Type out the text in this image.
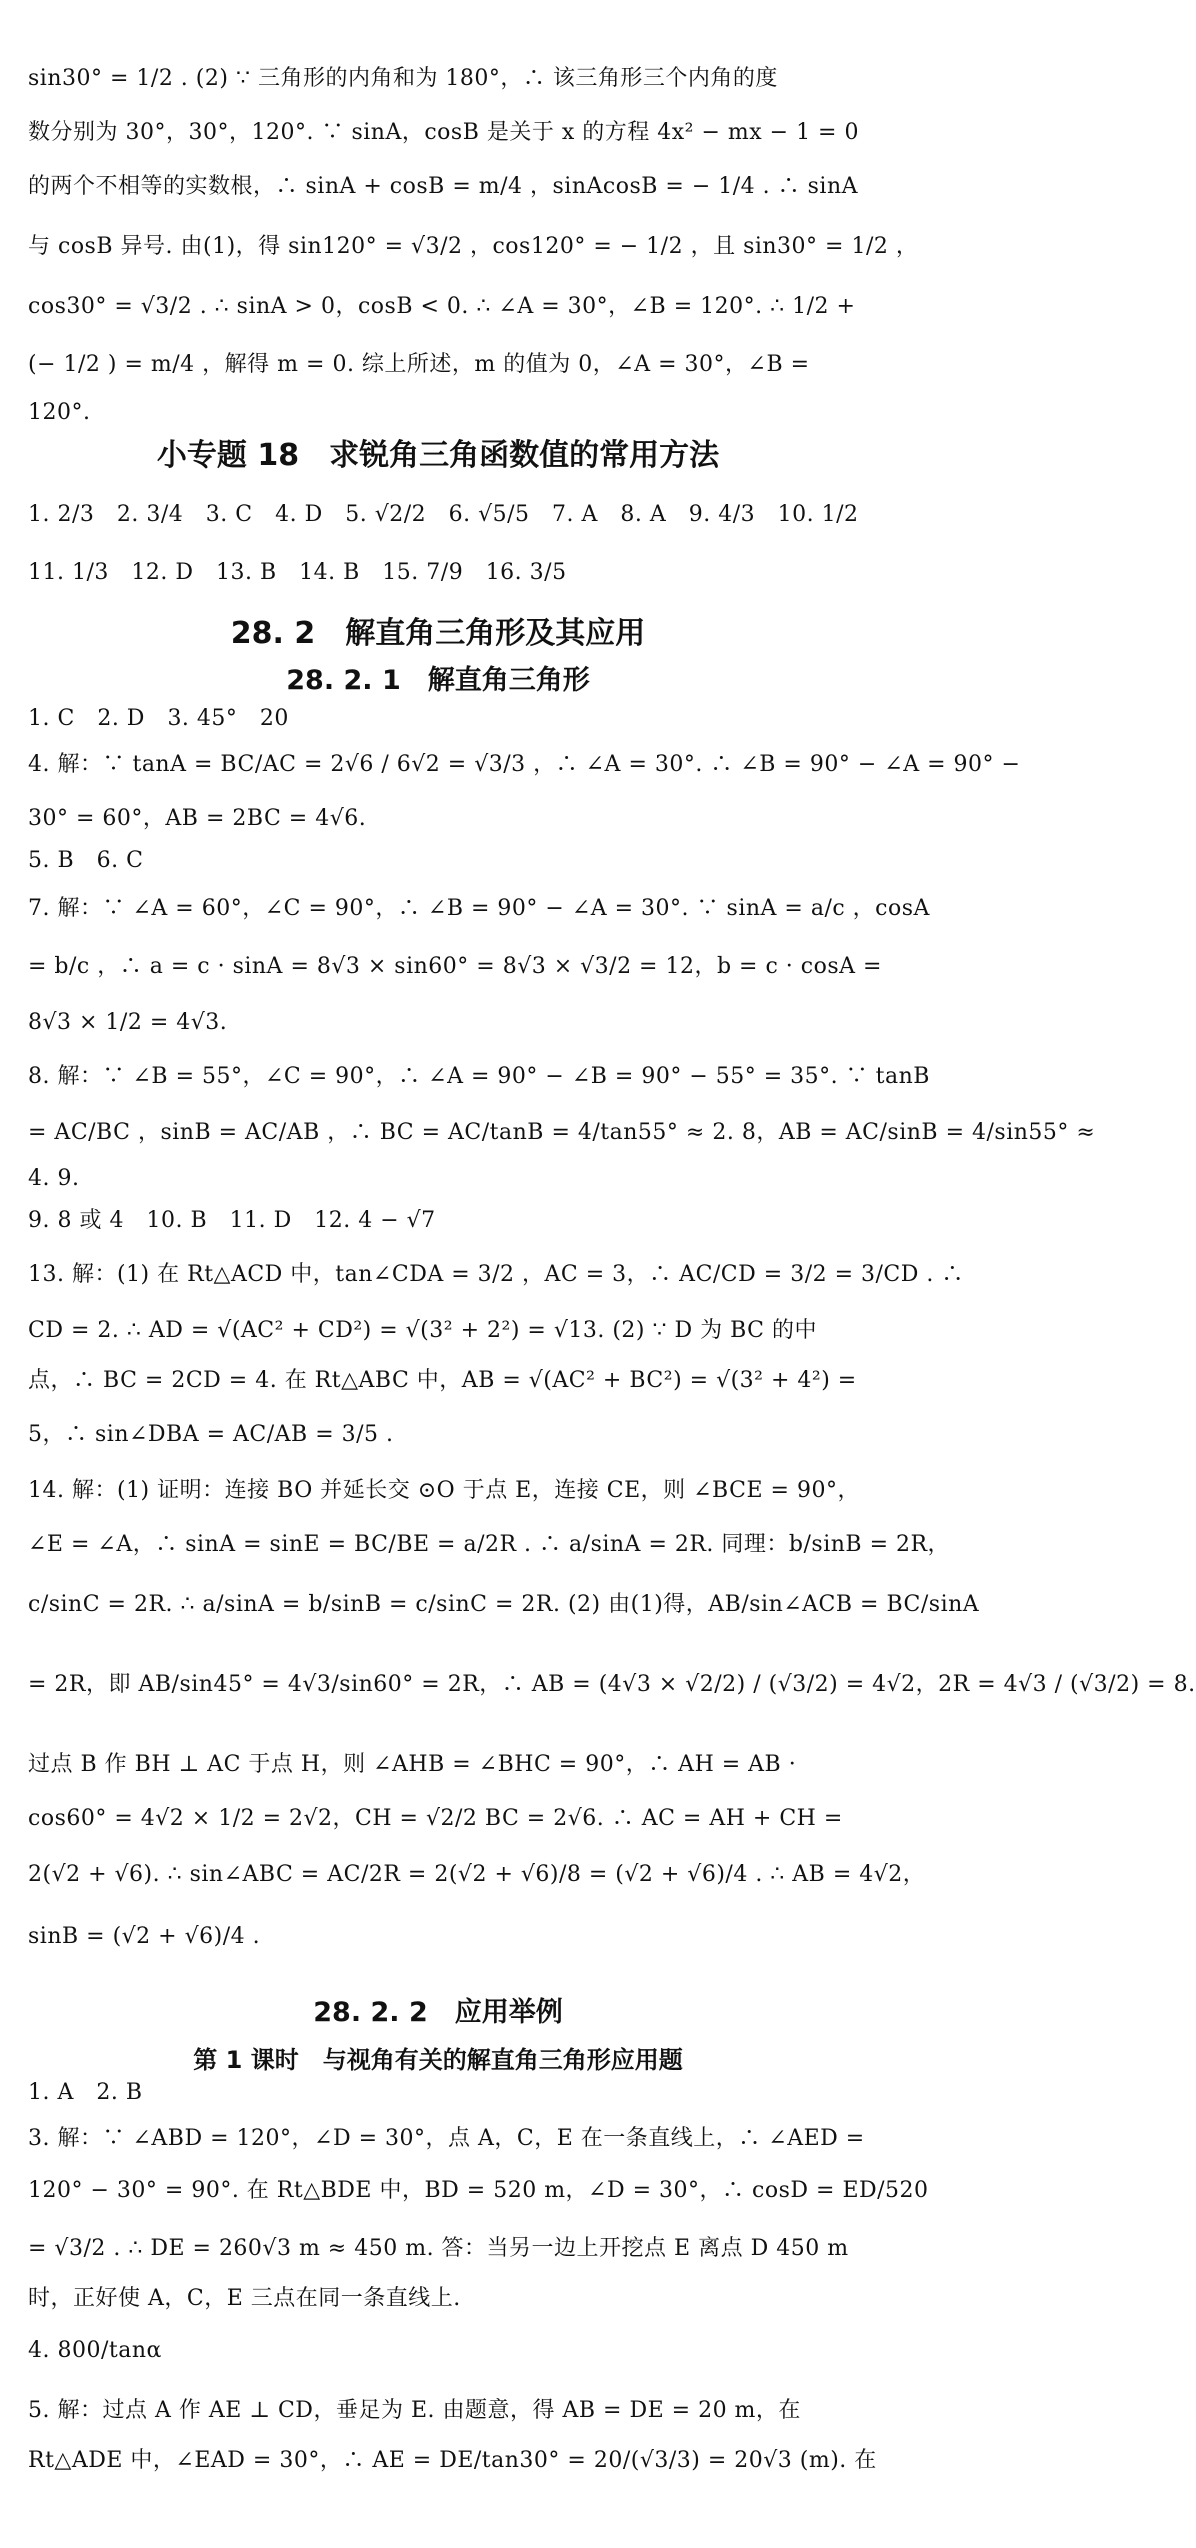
sin30° = 1/2 . (2) ∵ 三角形的内角和为 180°，∴ 该三角形三个内角的度
数分别为 30°，30°，120°. ∵ sinA，cosB 是关于 x 的方程 4x² − mx − 1 = 0
的两个不相等的实数根，∴ sinA + cosB = m/4 ，sinAcosB = − 1/4 . ∴ sinA
与 cosB 异号. 由(1)，得 sin120° = √3/2 ，cos120° = − 1/2 ，且 sin30° = 1/2 ，
cos30° = √3/2 . ∴ sinA > 0，cosB < 0. ∴ ∠A = 30°，∠B = 120°. ∴ 1/2 +
(− 1/2 ) = m/4 ，解得 m = 0. 综上所述，m 的值为 0，∠A = 30°，∠B =
120°.
小专题 18　求锐角三角函数值的常用方法
1. 2/3　2. 3/4　3. C　4. D　5. √2/2　6. √5/5　7. A　8. A　9. 4/3　10. 1/2
11. 1/3　12. D　13. B　14. B　15. 7/9　16. 3/5
28. 2　解直角三角形及其应用
28. 2. 1　解直角三角形
1. C　2. D　3. 45°　20
4. 解：∵ tanA = BC/AC = 2√6 / 6√2 = √3/3 ，∴ ∠A = 30°. ∴ ∠B = 90° − ∠A = 90° −
30° = 60°，AB = 2BC = 4√6.
5. B　6. C
7. 解：∵ ∠A = 60°，∠C = 90°，∴ ∠B = 90° − ∠A = 30°. ∵ sinA = a/c ，cosA
= b/c ，∴ a = c · sinA = 8√3 × sin60° = 8√3 × √3/2 = 12，b = c · cosA =
8√3 × 1/2 = 4√3.
8. 解：∵ ∠B = 55°，∠C = 90°，∴ ∠A = 90° − ∠B = 90° − 55° = 35°. ∵ tanB
= AC/BC ，sinB = AC/AB ，∴ BC = AC/tanB = 4/tan55° ≈ 2. 8，AB = AC/sinB = 4/sin55° ≈
4. 9.
9. 8 或 4　10. B　11. D　12. 4 − √7
13. 解：(1) 在 Rt△ACD 中，tan∠CDA = 3/2 ，AC = 3，∴ AC/CD = 3/2 = 3/CD . ∴
CD = 2. ∴ AD = √(AC² + CD²) = √(3² + 2²) = √13. (2) ∵ D 为 BC 的中
点，∴ BC = 2CD = 4. 在 Rt△ABC 中，AB = √(AC² + BC²) = √(3² + 4²) =
5，∴ sin∠DBA = AC/AB = 3/5 .
14. 解：(1) 证明：连接 BO 并延长交 ⊙O 于点 E，连接 CE，则 ∠BCE = 90°，
∠E = ∠A，∴ sinA = sinE = BC/BE = a/2R . ∴ a/sinA = 2R. 同理：b/sinB = 2R，
c/sinC = 2R. ∴ a/sinA = b/sinB = c/sinC = 2R. (2) 由(1)得，AB/sin∠ACB = BC/sinA
= 2R，即 AB/sin45° = 4√3/sin60° = 2R，∴ AB = (4√3 × √2/2) / (√3/2) = 4√2，2R = 4√3 / (√3/2) = 8.
过点 B 作 BH ⊥ AC 于点 H，则 ∠AHB = ∠BHC = 90°，∴ AH = AB ·
cos60° = 4√2 × 1/2 = 2√2，CH = √2/2 BC = 2√6. ∴ AC = AH + CH =
2(√2 + √6). ∴ sin∠ABC = AC/2R = 2(√2 + √6)/8 = (√2 + √6)/4 . ∴ AB = 4√2，
sinB = (√2 + √6)/4 .
28. 2. 2　应用举例
第 1 课时　与视角有关的解直角三角形应用题
1. A　2. B
3. 解：∵ ∠ABD = 120°，∠D = 30°，点 A，C，E 在一条直线上，∴ ∠AED =
120° − 30° = 90°. 在 Rt△BDE 中，BD = 520 m，∠D = 30°，∴ cosD = ED/520
= √3/2 . ∴ DE = 260√3 m ≈ 450 m. 答：当另一边上开挖点 E 离点 D 450 m
时，正好使 A，C，E 三点在同一条直线上.
4. 800/tanα
5. 解：过点 A 作 AE ⊥ CD，垂足为 E. 由题意，得 AB = DE = 20 m，在
Rt△ADE 中，∠EAD = 30°，∴ AE = DE/tan30° = 20/(√3/3) = 20√3 (m). 在
